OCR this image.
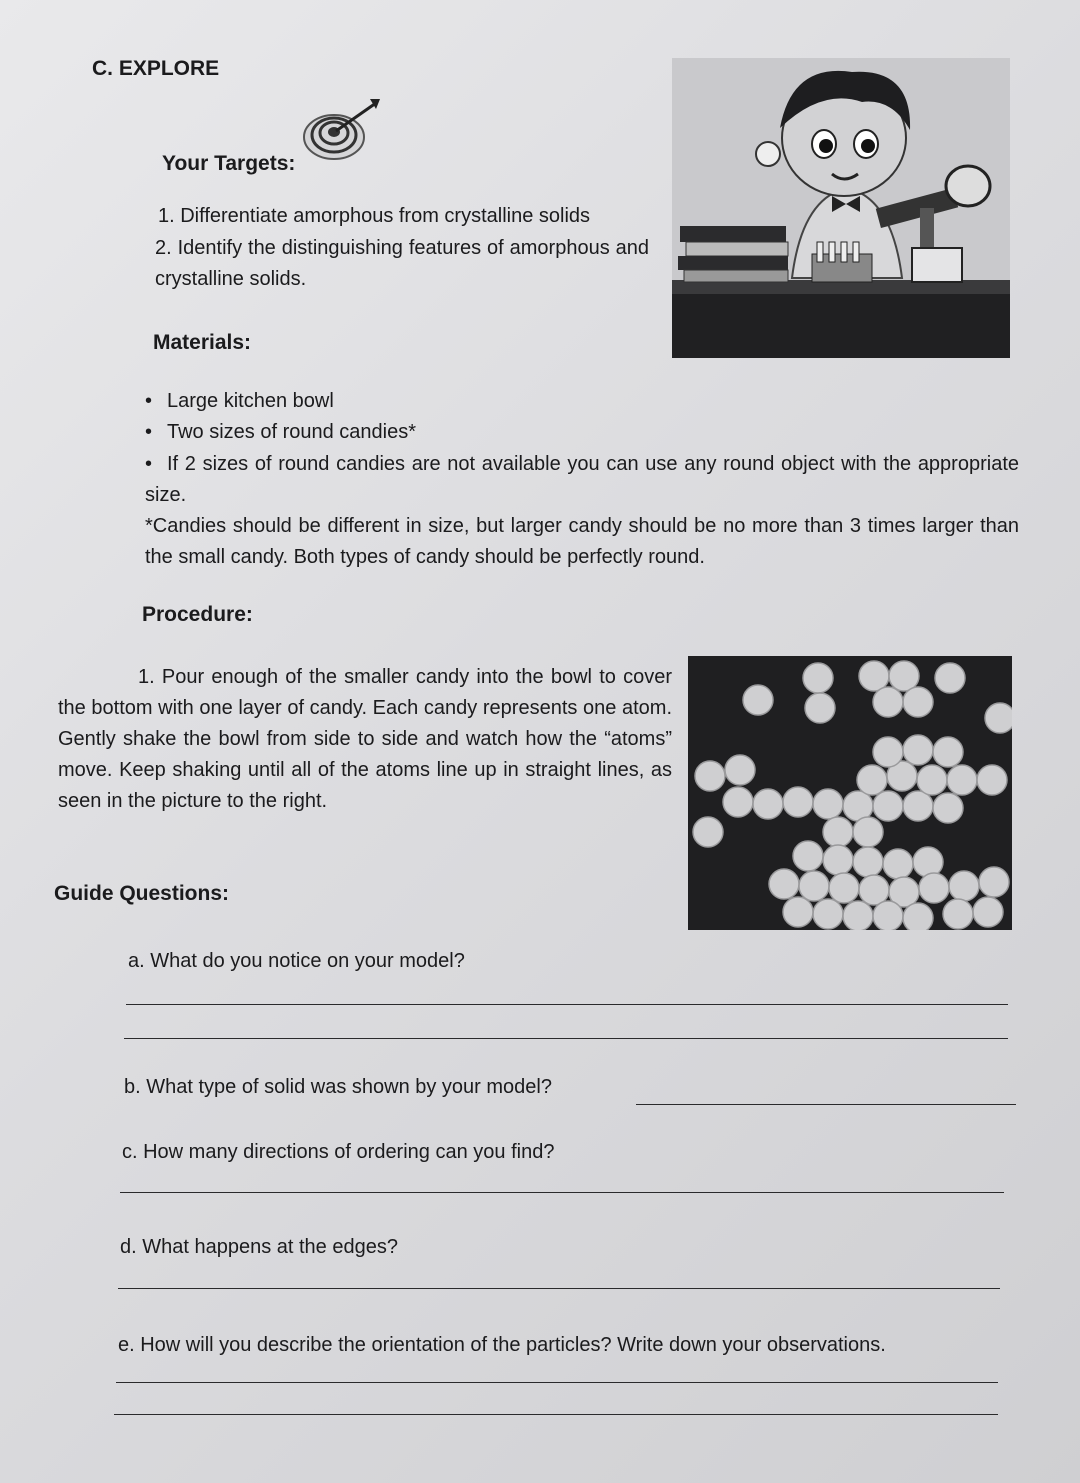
C. EXPLORE
Your Targets:
1. Differentiate amorphous from crystalline solids
2. Identify the distinguishing features of amorphous and crystalline solids.
Materials:
• Large kitchen bowl
• Two sizes of round candies*
• If 2 sizes of round candies are not available you can use any round object with the appropriate size.
*Candies should be different in size, but larger candy should be no more than 3 times larger than the small candy. Both types of candy should be perfectly round.
Procedure:
1. Pour enough of the smaller candy into the bowl to cover the bottom with one layer of candy. Each candy represents one atom. Gently shake the bowl from side to side and watch how the “atoms” move. Keep shaking until all of the atoms line up in straight lines, as seen in the picture to the right.
Guide Questions:
a. What do you notice on your model?
b. What type of solid was shown by your model?
c. How many directions of ordering can you find?
d. What happens at the edges?
e. How will you describe the orientation of the particles? Write down your observations.
